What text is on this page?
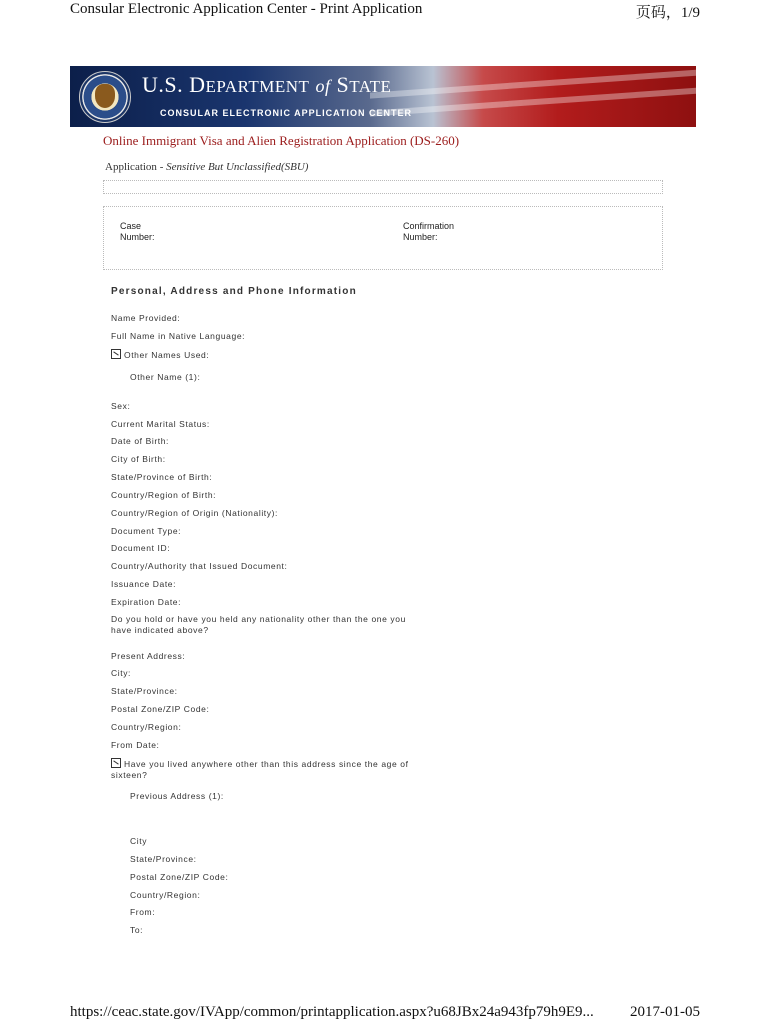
Consular Electronic Application Center - Print Application	页码，1/9
U.S. DEPARTMENT of STATE
CONSULAR ELECTRONIC APPLICATION CENTER
Online Immigrant Visa and Alien Registration Application (DS-260)
Application - Sensitive But Unclassified(SBU)
Case
Number:
Confirmation
Number:
Personal, Address and Phone Information
Name Provided:
Full Name in Native Language:
Other Names Used:
Other Name (1):
Sex:
Current Marital Status:
Date of Birth:
City of Birth:
State/Province of Birth:
Country/Region of Birth:
Country/Region of Origin (Nationality):
Document Type:
Document ID:
Country/Authority that Issued Document:
Issuance Date:
Expiration Date:
Do you hold or have you held any nationality other than the one you have indicated above?
Present Address:
City:
State/Province:
Postal Zone/ZIP Code:
Country/Region:
From Date:
Have you lived anywhere other than this address since the age of sixteen?
Previous Address (1):
City
State/Province:
Postal Zone/ZIP Code:
Country/Region:
From:
To:
https://ceac.state.gov/IVApp/common/printapplication.aspx?u68JBx24a943fp79h9E9... 2017-01-05
